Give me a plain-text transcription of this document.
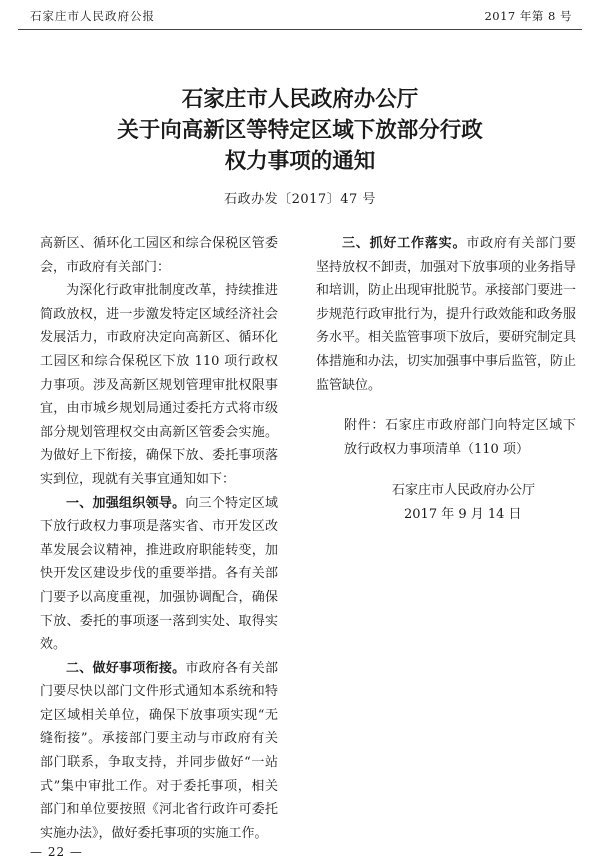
石家庄市人民政府公报	2017 年第 8 号
石家庄市人民政府办公厅
关于向高新区等特定区域下放部分行政
权力事项的通知
石政办发〔2017〕47 号

高新区、循环化工园区和综合保税区管委会，市政府有关部门：

为深化行政审批制度改革，持续推进简政放权，进一步激发特定区域经济社会发展活力，市政府决定向高新区、循环化工园区和综合保税区下放 110 项行政权力事项。涉及高新区规划管理审批权限事宜，由市城乡规划局通过委托方式将市级部分规划管理权交由高新区管委会实施。为做好上下衔接，确保下放、委托事项落实到位，现就有关事宜通知如下：

一、加强组织领导。向三个特定区域下放行政权力事项是落实省、市开发区改革发展会议精神，推进政府职能转变，加快开发区建设步伐的重要举措。各有关部门要予以高度重视，加强协调配合，确保下放、委托的事项逐一落到实处、取得实效。

二、做好事项衔接。市政府各有关部门要尽快以部门文件形式通知本系统和特定区域相关单位，确保下放事项实现“无缝衔接”。承接部门要主动与市政府有关部门联系，争取支持，并同步做好“一站式”集中审批工作。对于委托事项，相关部门和单位要按照《河北省行政许可委托实施办法》，做好委托事项的实施工作。

三、抓好工作落实。市政府有关部门要坚持放权不卸责，加强对下放事项的业务指导和培训，防止出现审批脱节。承接部门要进一步规范行政审批行为，提升行政效能和政务服务水平。相关监管事项下放后，要研究制定具体措施和办法，切实加强事中事后监管，防止监管缺位。

附件：石家庄市政府部门向特定区域下放行政权力事项清单（110 项）

石家庄市人民政府办公厅

2017 年 9 月 14 日

— 22 —
